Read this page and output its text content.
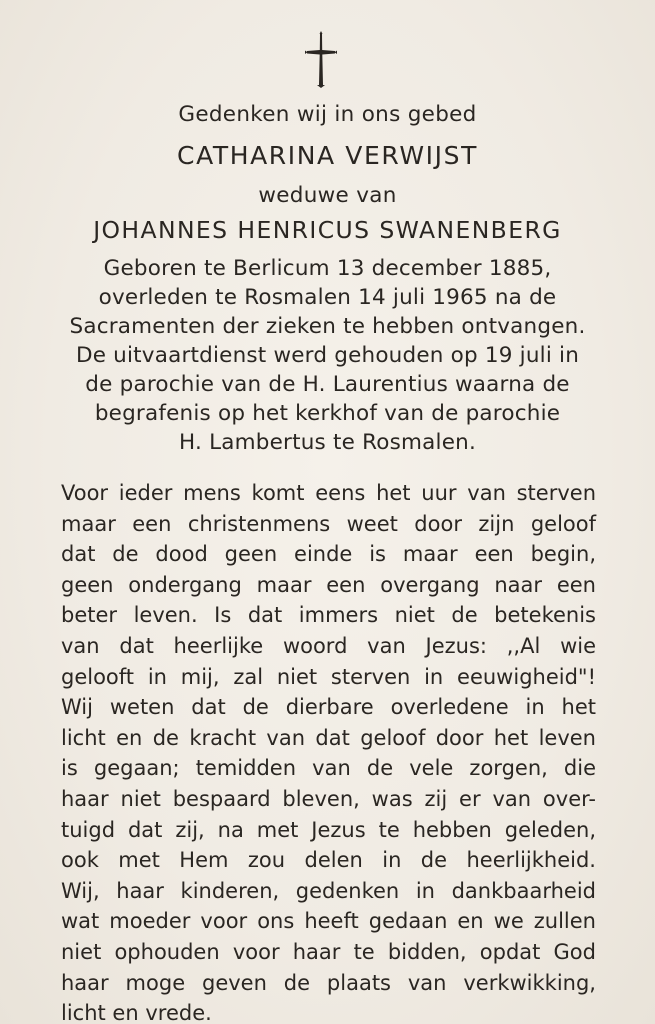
Gedenken wij in ons gebed
CATHARINA VERWIJST
weduwe van
JOHANNES HENRICUS SWANENBERG
Geboren te Berlicum 13 december 1885,
overleden te Rosmalen 14 juli 1965 na de
Sacramenten der zieken te hebben ontvangen.
De uitvaartdienst werd gehouden op 19 juli in
de parochie van de H. Laurentius waarna de
begrafenis op het kerkhof van de parochie
H. Lambertus te Rosmalen.
Voor ieder mens komt eens het uur van sterven
maar een christenmens weet door zijn geloof
dat de dood geen einde is maar een begin,
geen ondergang maar een overgang naar een
beter leven. Is dat immers niet de betekenis
van dat heerlijke woord van Jezus: ,,Al wie
gelooft in mij, zal niet sterven in eeuwigheid"!
Wij weten dat de dierbare overledene in het
licht en de kracht van dat geloof door het leven
is gegaan; temidden van de vele zorgen, die
haar niet bespaard bleven, was zij er van over-
tuigd dat zij, na met Jezus te hebben geleden,
ook met Hem zou delen in de heerlijkheid.
Wij, haar kinderen, gedenken in dankbaarheid
wat moeder voor ons heeft gedaan en we zullen
niet ophouden voor haar te bidden, opdat God
haar moge geven de plaats van verkwikking,
licht en vrede.
